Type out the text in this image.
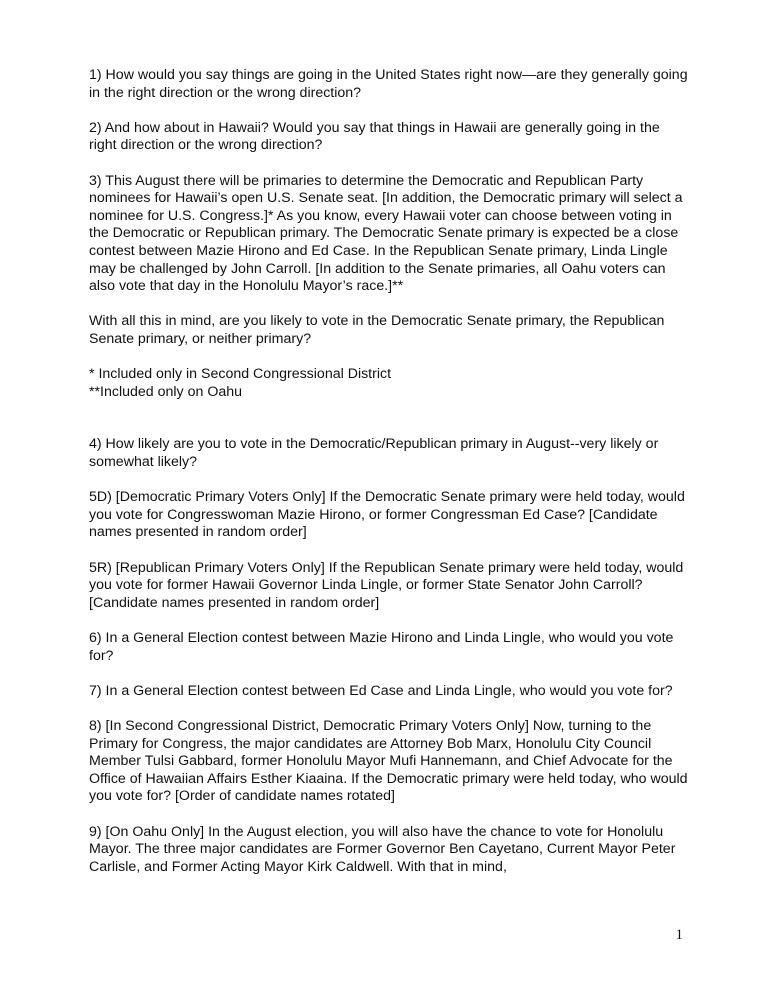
1) How would you say things are going in the United States right now—are they generally going in the right direction or the wrong direction?

2) And how about in Hawaii? Would you say that things in Hawaii are generally going in the right direction or the wrong direction?

3) This August there will be primaries to determine the Democratic and Republican Party nominees for Hawaii’s open U.S. Senate seat. [In addition, the Democratic primary will select a nominee for U.S. Congress.]* As you know, every Hawaii voter can choose between voting in the Democratic or Republican primary. The Democratic Senate primary is expected be a close contest between Mazie Hirono and Ed Case. In the Republican Senate primary, Linda Lingle may be challenged by John Carroll. [In addition to the Senate primaries, all Oahu voters can also vote that day in the Honolulu Mayor’s race.]**

With all this in mind, are you likely to vote in the Democratic Senate primary, the Republican Senate primary, or neither primary?

* Included only in Second Congressional District

**Included only on Oahu

4) How likely are you to vote in the Democratic/Republican primary in August--very likely or somewhat likely?

5D) [Democratic Primary Voters Only] If the Democratic Senate primary were held today, would you vote for Congresswoman Mazie Hirono, or former Congressman Ed Case? [Candidate names presented in random order]

5R) [Republican Primary Voters Only] If the Republican Senate primary were held today, would you vote for former Hawaii Governor Linda Lingle, or former State Senator John Carroll? [Candidate names presented in random order]

6) In a General Election contest between Mazie Hirono and Linda Lingle, who would you vote for?

7) In a General Election contest between Ed Case and Linda Lingle, who would you vote for?

8) [In Second Congressional District, Democratic Primary Voters Only] Now, turning to the Primary for Congress, the major candidates are Attorney Bob Marx, Honolulu City Council Member Tulsi Gabbard, former Honolulu Mayor Mufi Hannemann, and Chief Advocate for the Office of Hawaiian Affairs Esther Kiaaina. If the Democratic primary were held today, who would you vote for? [Order of candidate names rotated]

9) [On Oahu Only] In the August election, you will also have the chance to vote for Honolulu Mayor. The three major candidates are Former Governor Ben Cayetano, Current Mayor Peter Carlisle, and Former Acting Mayor Kirk Caldwell. With that in mind,

1
